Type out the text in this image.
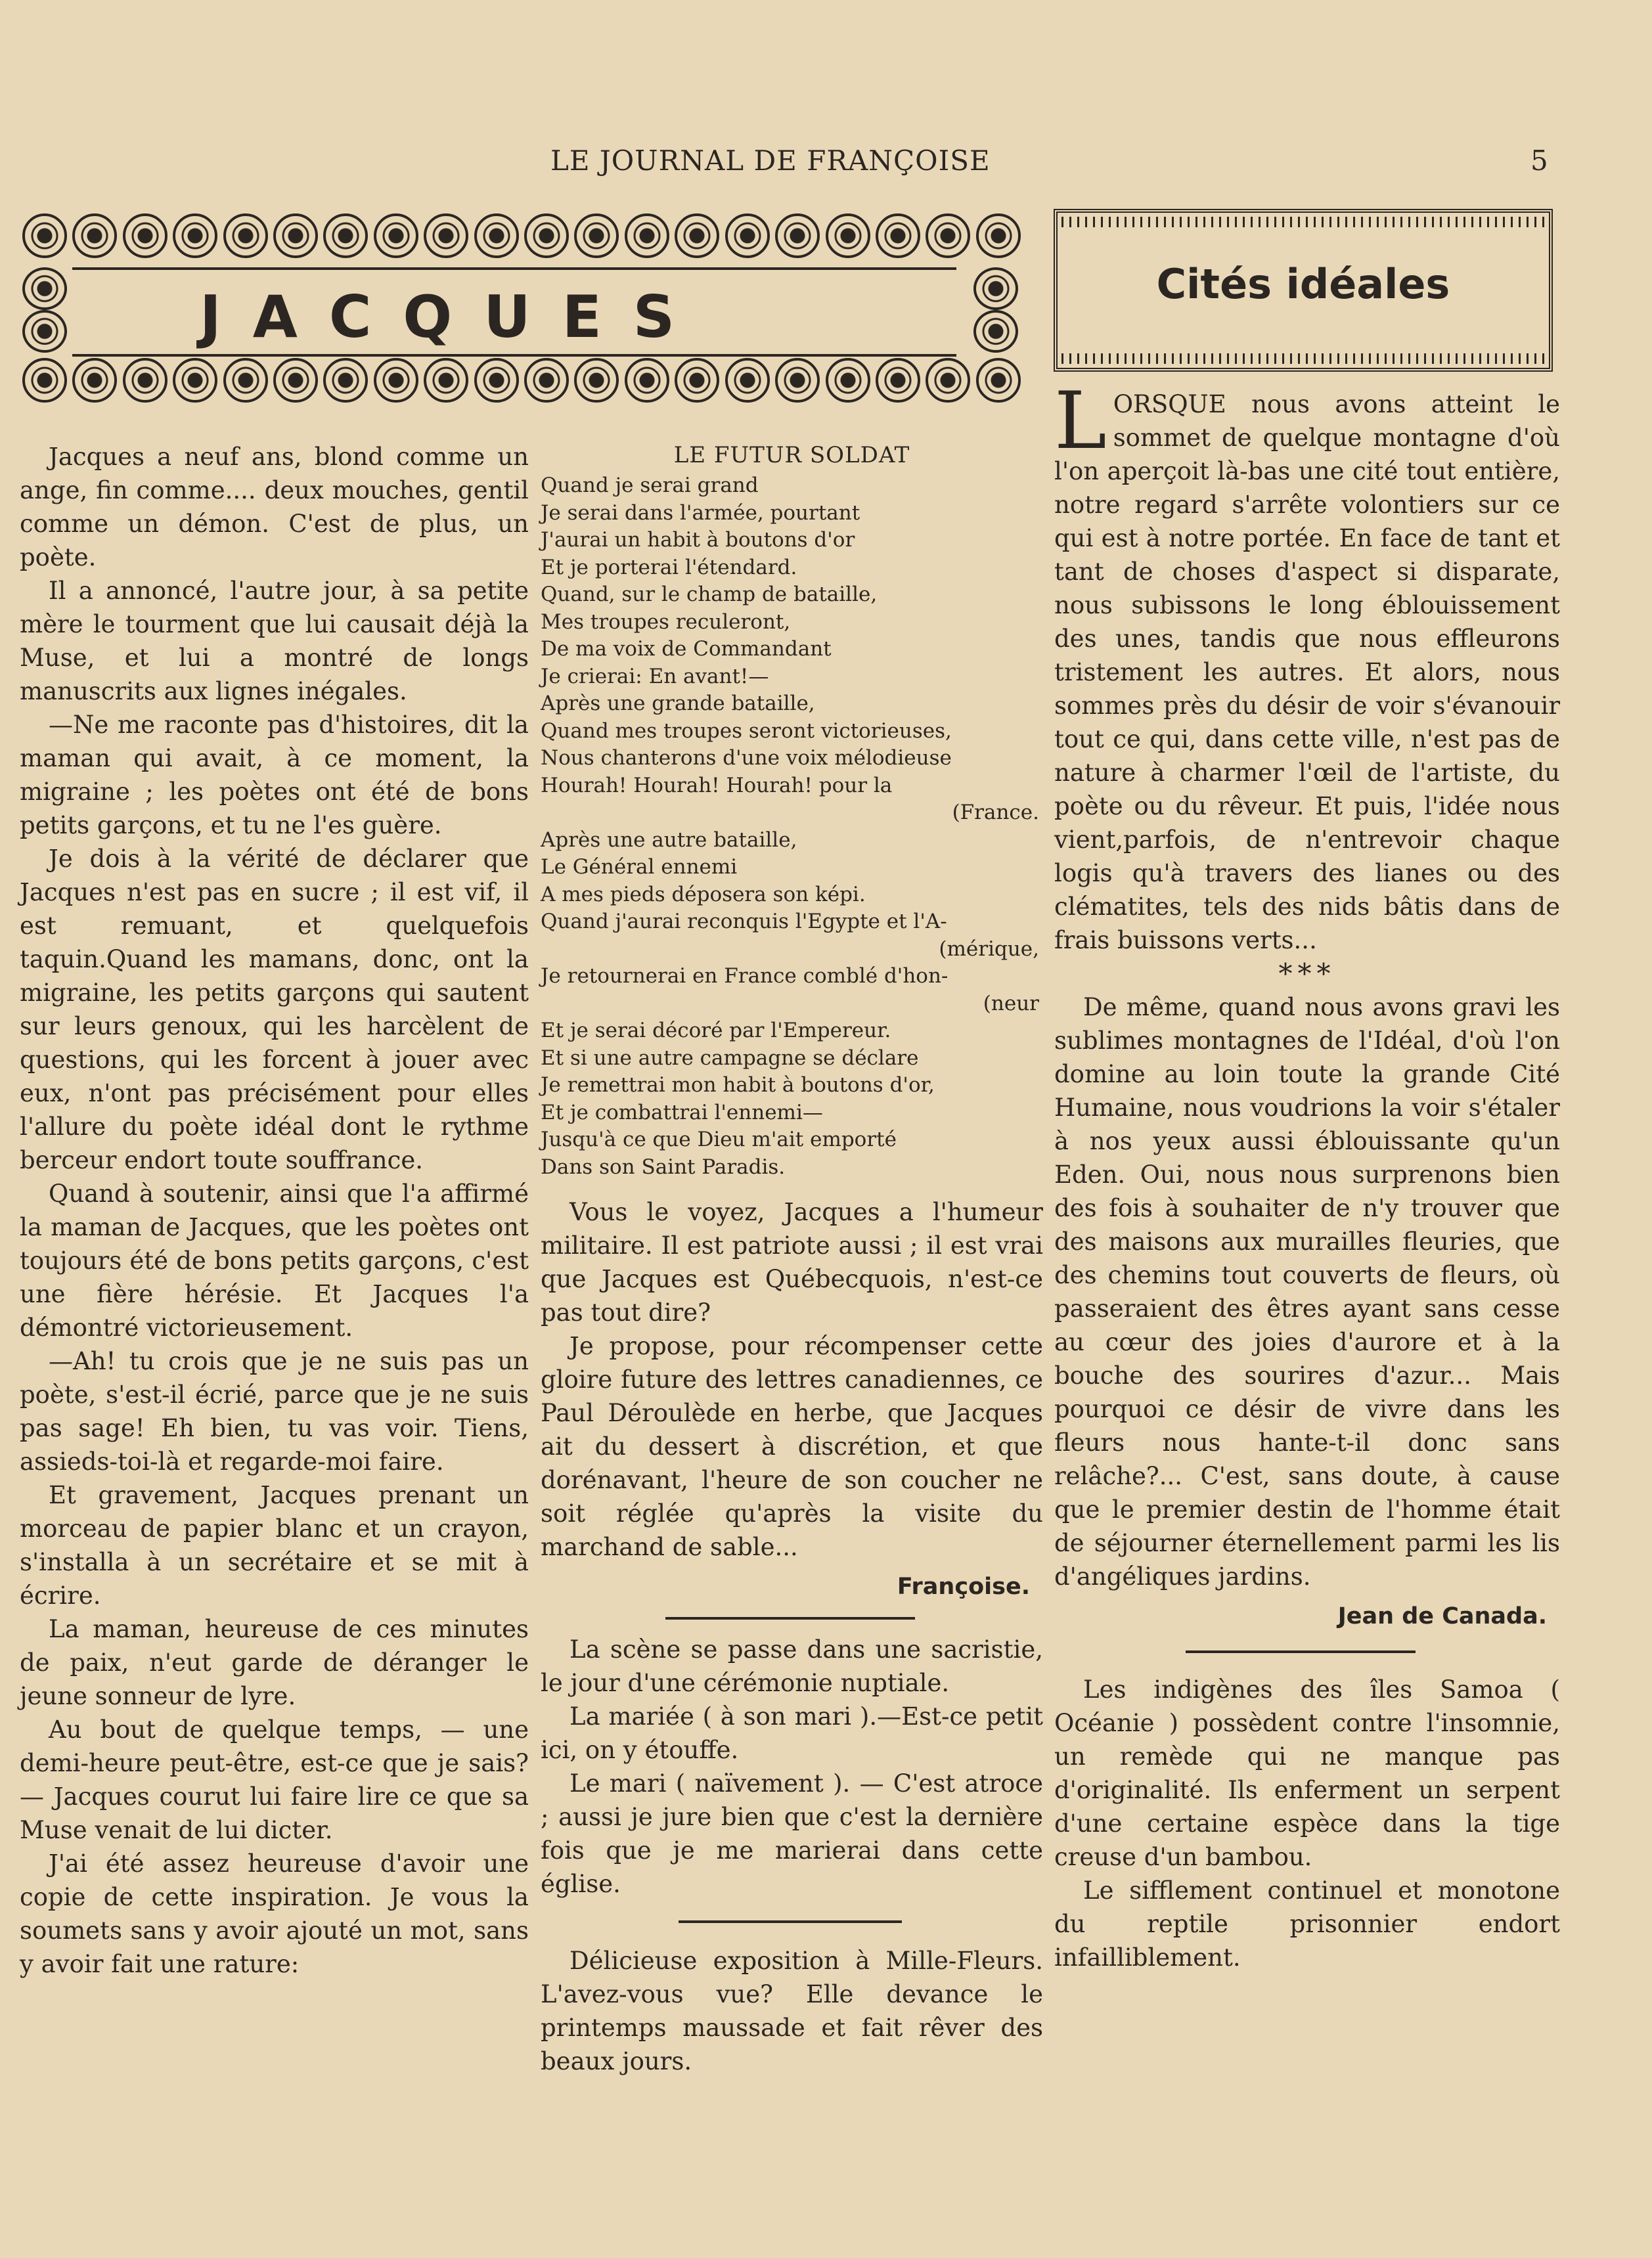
LE JOURNAL DE FRANÇOISE	5
JACQUES	Cités idéales

Jacques a neuf ans, blond comme un ange, fin comme.... deux mouches, gentil comme un démon. C'est de plus, un poète.

Il a annoncé, l'autre jour, à sa petite mère le tourment que lui causait déjà la Muse, et lui a montré de longs manuscrits aux lignes inégales.

—Ne me raconte pas d'histoires, dit la maman qui avait, à ce moment, la migraine ; les poètes ont été de bons petits garçons, et tu ne l'es guère.

Je dois à la vérité de déclarer que Jacques n'est pas en sucre ; il est vif, il est remuant, et quelquefois taquin.Quand les mamans, donc, ont la migraine, les petits garçons qui sautent sur leurs genoux, qui les harcèlent de questions, qui les forcent à jouer avec eux, n'ont pas précisément pour elles l'allure du poète idéal dont le rythme berceur endort toute souffrance.

Quand à soutenir, ainsi que l'a affirmé la maman de Jacques, que les poètes ont toujours été de bons petits garçons, c'est une fière hérésie. Et Jacques l'a démontré victorieusement.

—Ah! tu crois que je ne suis pas un poète, s'est-il écrié, parce que je ne suis pas sage! Eh bien, tu vas voir. Tiens, assieds-toi-là et regarde-moi faire.

Et gravement, Jacques prenant un morceau de papier blanc et un crayon, s'installa à un secrétaire et se mit à écrire.

La maman, heureuse de ces minutes de paix, n'eut garde de déranger le jeune sonneur de lyre.

Au bout de quelque temps, — une demi-heure peut-être, est-ce que je sais? — Jacques courut lui faire lire ce que sa Muse venait de lui dicter.

J'ai été assez heureuse d'avoir une copie de cette inspiration. Je vous la soumets sans y avoir ajouté un mot, sans y avoir fait une rature:

LE FUTUR SOLDAT

Quand je serai grand
Je serai dans l'armée, pourtant
J'aurai un habit à boutons d'or
Et je porterai l'étendard.
Quand, sur le champ de bataille,
Mes troupes reculeront,
De ma voix de Commandant
Je crierai: En avant!—
Après une grande bataille,
Quand mes troupes seront victorieuses,
Nous chanterons d'une voix mélodieuse
Hourah! Hourah! Hourah! pour la
(France.
Après une autre bataille,
Le Général ennemi
A mes pieds déposera son képi.
Quand j'aurai reconquis l'Egypte et l'A-
(mérique,
Je retournerai en France comblé d'hon-
(neur
Et je serai décoré par l'Empereur.
Et si une autre campagne se déclare
Je remettrai mon habit à boutons d'or,
Et je combattrai l'ennemi—
Jusqu'à ce que Dieu m'ait emporté
Dans son Saint Paradis.

Vous le voyez, Jacques a l'humeur militaire. Il est patriote aussi ; il est vrai que Jacques est Québecquois, n'est-ce pas tout dire?

Je propose, pour récompenser cette gloire future des lettres canadiennes, ce Paul Déroulède en herbe, que Jacques ait du dessert à discrétion, et que dorénavant, l'heure de son coucher ne soit réglée qu'après la visite du marchand de sable...

Françoise.

La scène se passe dans une sacristie, le jour d'une cérémonie nuptiale.

La mariée ( à son mari ).—Est-ce petit ici, on y étouffe.

Le mari ( naïvement ). — C'est atroce ; aussi je jure bien que c'est la dernière fois que je me marierai dans cette église.

Délicieuse exposition à Mille-Fleurs. L'avez-vous vue? Elle devance le printemps maussade et fait rêver des beaux jours.

LORSQUE nous avons atteint le sommet de quelque montagne d'où l'on aperçoit là-bas une cité tout entière, notre regard s'arrête volontiers sur ce qui est à notre portée. En face de tant et tant de choses d'aspect si disparate, nous subissons le long éblouissement des unes, tandis que nous effleurons tristement les autres. Et alors, nous sommes près du désir de voir s'évanouir tout ce qui, dans cette ville, n'est pas de nature à charmer l'œil de l'artiste, du poète ou du rêveur. Et puis, l'idée nous vient,parfois, de n'entrevoir chaque logis qu'à travers des lianes ou des clématites, tels des nids bâtis dans de frais buissons verts...

***

De même, quand nous avons gravi les sublimes montagnes de l'Idéal, d'où l'on domine au loin toute la grande Cité Humaine, nous voudrions la voir s'étaler à nos yeux aussi éblouissante qu'un Eden. Oui, nous nous surprenons bien des fois à souhaiter de n'y trouver que des maisons aux murailles fleuries, que des chemins tout couverts de fleurs, où passeraient des êtres ayant sans cesse au cœur des joies d'aurore et à la bouche des sourires d'azur... Mais pourquoi ce désir de vivre dans les fleurs nous hante-t-il donc sans relâche?... C'est, sans doute, à cause que le premier destin de l'homme était de séjourner éternellement parmi les lis d'angéliques jardins.

Jean de Canada.

Les indigènes des îles Samoa ( Océanie ) possèdent contre l'insomnie, un remède qui ne manque pas d'originalité. Ils enferment un serpent d'une certaine espèce dans la tige creuse d'un bambou.

Le sifflement continuel et monotone du reptile prisonnier endort infailliblement.
